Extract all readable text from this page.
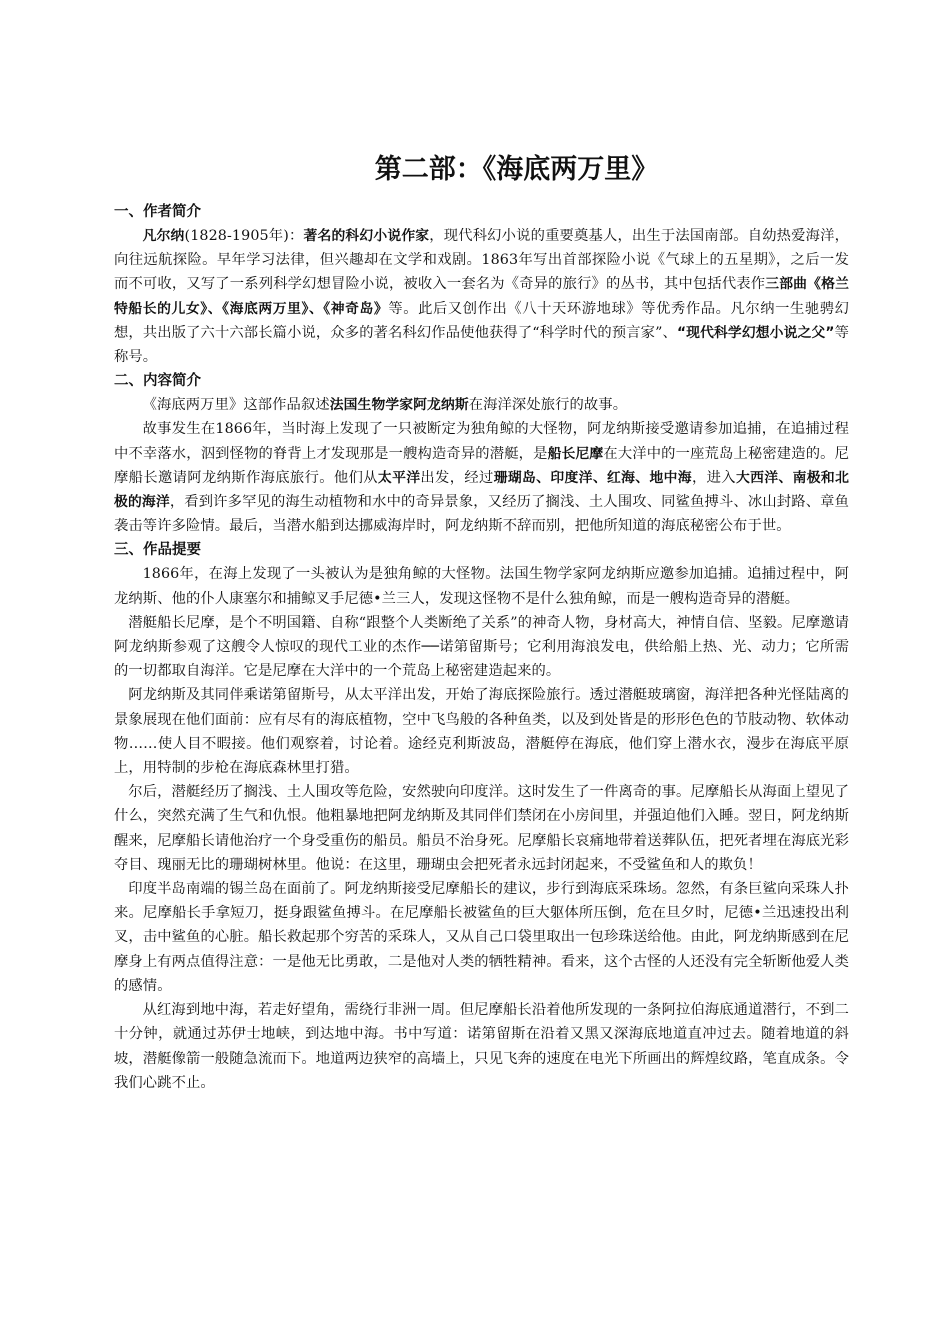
第二部：《海底两万里》
一、作者简介

凡尔纳(1828-1905年)：著名的科幻小说作家，现代科幻小说的重要奠基人，出生于法国南部。自幼热爱海洋，向往远航探险。早年学习法律，但兴趣却在文学和戏剧。1863年写出首部探险小说《气球上的五星期》，之后一发而不可收，又写了一系列科学幻想冒险小说，被收入一套名为《奇异的旅行》的丛书，其中包括代表作三部曲《格兰特船长的儿女》、《海底两万里》、《神奇岛》等。此后又创作出《八十天环游地球》等优秀作品。凡尔纳一生驰骋幻想，共出版了六十六部长篇小说，众多的著名科幻作品使他获得了“科学时代的预言家”、“现代科学幻想小说之父”等称号。

二、内容简介

《海底两万里》这部作品叙述法国生物学家阿龙纳斯在海洋深处旅行的故事。

故事发生在1866年，当时海上发现了一只被断定为独角鲸的大怪物，阿龙纳斯接受邀请参加追捕，在追捕过程中不幸落水，泅到怪物的脊背上才发现那是一艘构造奇异的潜艇，是船长尼摩在大洋中的一座荒岛上秘密建造的。尼摩船长邀请阿龙纳斯作海底旅行。他们从太平洋出发，经过珊瑚岛、印度洋、红海、地中海，进入大西洋、南极和北极的海洋，看到许多罕见的海生动植物和水中的奇异景象，又经历了搁浅、土人围攻、同鲨鱼搏斗、冰山封路、章鱼袭击等许多险情。最后，当潜水船到达挪威海岸时，阿龙纳斯不辞而别，把他所知道的海底秘密公布于世。

三、作品提要

1866年，在海上发现了一头被认为是独角鲸的大怪物。法国生物学家阿龙纳斯应邀参加追捕。追捕过程中，阿龙纳斯、他的仆人康塞尔和捕鲸叉手尼德•兰三人，发现这怪物不是什么独角鲸，而是一艘构造奇异的潜艇。

潜艇船长尼摩，是个不明国籍、自称“跟整个人类断绝了关系”的神奇人物，身材高大，神情自信、坚毅。尼摩邀请阿龙纳斯参观了这艘令人惊叹的现代工业的杰作──诺第留斯号；它利用海浪发电，供给船上热、光、动力；它所需的一切都取自海洋。它是尼摩在大洋中的一个荒岛上秘密建造起来的。

阿龙纳斯及其同伴乘诺第留斯号，从太平洋出发，开始了海底探险旅行。透过潜艇玻璃窗，海洋把各种光怪陆离的景象展现在他们面前：应有尽有的海底植物，空中飞鸟般的各种鱼类，以及到处皆是的形形色色的节肢动物、软体动物……使人目不暇接。他们观察着，讨论着。途经克利斯波岛，潜艇停在海底，他们穿上潜水衣，漫步在海底平原上，用特制的步枪在海底森林里打猎。

尔后，潜艇经历了搁浅、土人围攻等危险，安然驶向印度洋。这时发生了一件离奇的事。尼摩船长从海面上望见了什么，突然充满了生气和仇恨。他粗暴地把阿龙纳斯及其同伴们禁闭在小房间里，并强迫他们入睡。翌日，阿龙纳斯醒来，尼摩船长请他治疗一个身受重伤的船员。船员不治身死。尼摩船长哀痛地带着送葬队伍，把死者埋在海底光彩夺目、瑰丽无比的珊瑚树林里。他说：在这里，珊瑚虫会把死者永远封闭起来，不受鲨鱼和人的欺负！

印度半岛南端的锡兰岛在面前了。阿龙纳斯接受尼摩船长的建议，步行到海底采珠场。忽然，有条巨鲨向采珠人扑来。尼摩船长手拿短刀，挺身跟鲨鱼搏斗。在尼摩船长被鲨鱼的巨大躯体所压倒，危在旦夕时，尼德•兰迅速投出利叉，击中鲨鱼的心脏。船长救起那个穷苦的采珠人，又从自己口袋里取出一包珍珠送给他。由此，阿龙纳斯感到在尼摩身上有两点值得注意：一是他无比勇敢，二是他对人类的牺牲精神。看来，这个古怪的人还没有完全斩断他爱人类的感情。

从红海到地中海，若走好望角，需绕行非洲一周。但尼摩船长沿着他所发现的一条阿拉伯海底通道潜行，不到二十分钟，就通过苏伊士地峡，到达地中海。书中写道：诺第留斯在沿着又黑又深海底地道直冲过去。随着地道的斜坡，潜艇像箭一般随急流而下。地道两边狭窄的高墙上，只见飞奔的速度在电光下所画出的辉煌纹路，笔直成条。令我们心跳不止。
